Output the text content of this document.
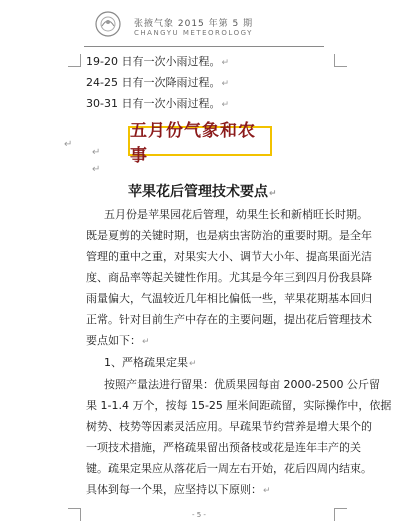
张掖气象 2015 年第 5 期
CHANGYU METEOROLOGY
19-20 日有一次小雨过程。↵
24-25 日有一次降雨过程。↵
30-31 日有一次小雨过程。↵
↵
五月份气象和农事
↵
↵
苹果花后管理技术要点↵
五月份是苹果园花后管理，幼果生长和新梢旺长时期。
既是夏剪的关键时期，也是病虫害防治的重要时期。是全年
管理的重中之重，对果实大小、调节大小年、提高果面光洁
度、商品率等起关键性作用。尤其是今年三到四月份我县降
雨量偏大，气温较近几年相比偏低一些，苹果花期基本回归
正常。针对目前生产中存在的主要问题，提出花后管理技术
要点如下：↵
1、严格疏果定果↵
按照产量法进行留果：优质果园每亩 2000-2500 公斤留
果 1-1.4 万个，按每 15-25 厘米间距疏留，实际操作中，依据
树势、枝势等因素灵活应用。早疏果节约营养是增大果个的
一项技术措施，严格疏果留出预备枝或花是连年丰产的关
键。疏果定果应从落花后一周左右开始，花后四周内结束。
具体到每一个果，应坚持以下原则：↵
- 5 -
